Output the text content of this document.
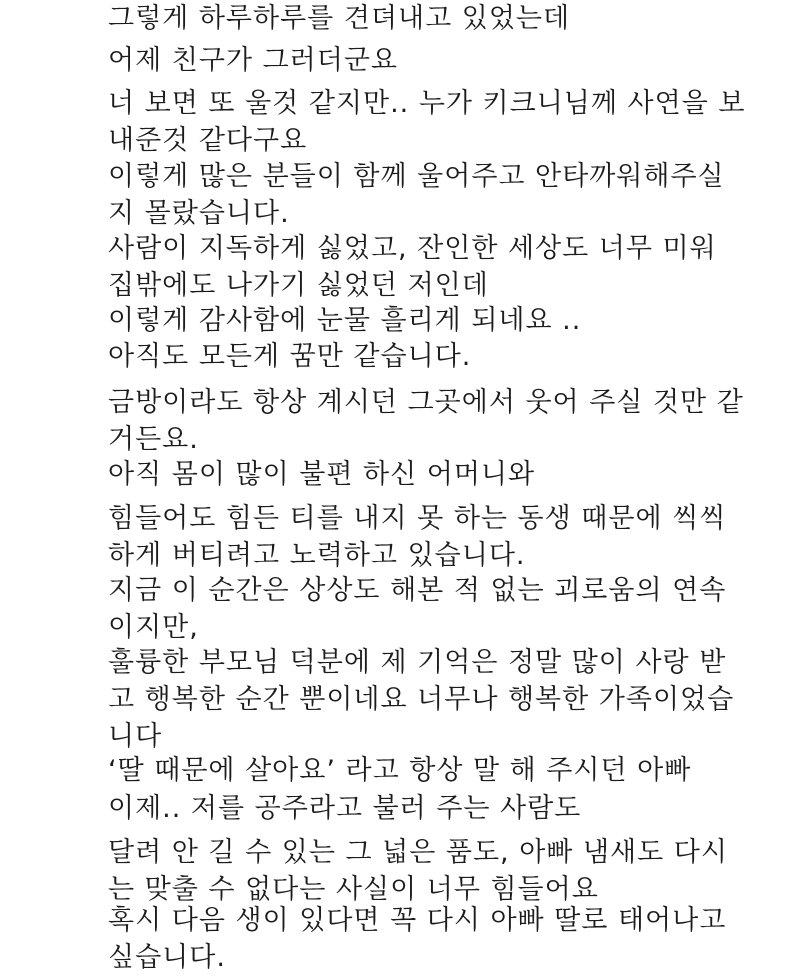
그렇게 하루하루를 견뎌내고 있었는데

어제 친구가 그러더군요

너 보면 또 울것 같지만.. 누가 키크니님께 사연을 보
내준것 같다구요

이렇게 많은 분들이 함께 울어주고 안타까워해주실
지 몰랐습니다.

사람이 지독하게 싫었고, 잔인한 세상도 너무 미워
집밖에도 나가기 싫었던 저인데

이렇게 감사함에 눈물 흘리게 되네요 ..

아직도 모든게 꿈만 같습니다.

금방이라도 항상 계시던 그곳에서 웃어 주실 것만 같
거든요.

아직 몸이 많이 불편 하신 어머니와

힘들어도 힘든 티를 내지 못 하는 동생 때문에 씩씩
하게 버티려고 노력하고 있습니다.

지금 이 순간은 상상도 해본 적 없는 괴로움의 연속
이지만,

훌륭한 부모님 덕분에 제 기억은 정말 많이 사랑 받
고 행복한 순간 뿐이네요 너무나 행복한 가족이었습
니다

‘딸 때문에 살아요’ 라고 항상 말 해 주시던 아빠

이제.. 저를 공주라고 불러 주는 사람도

달려 안 길 수 있는 그 넓은 품도, 아빠 냄새도 다시
는 맞출 수 없다는 사실이 너무 힘들어요

혹시 다음 생이 있다면 꼭 다시 아빠 딸로 태어나고
싶습니다.
